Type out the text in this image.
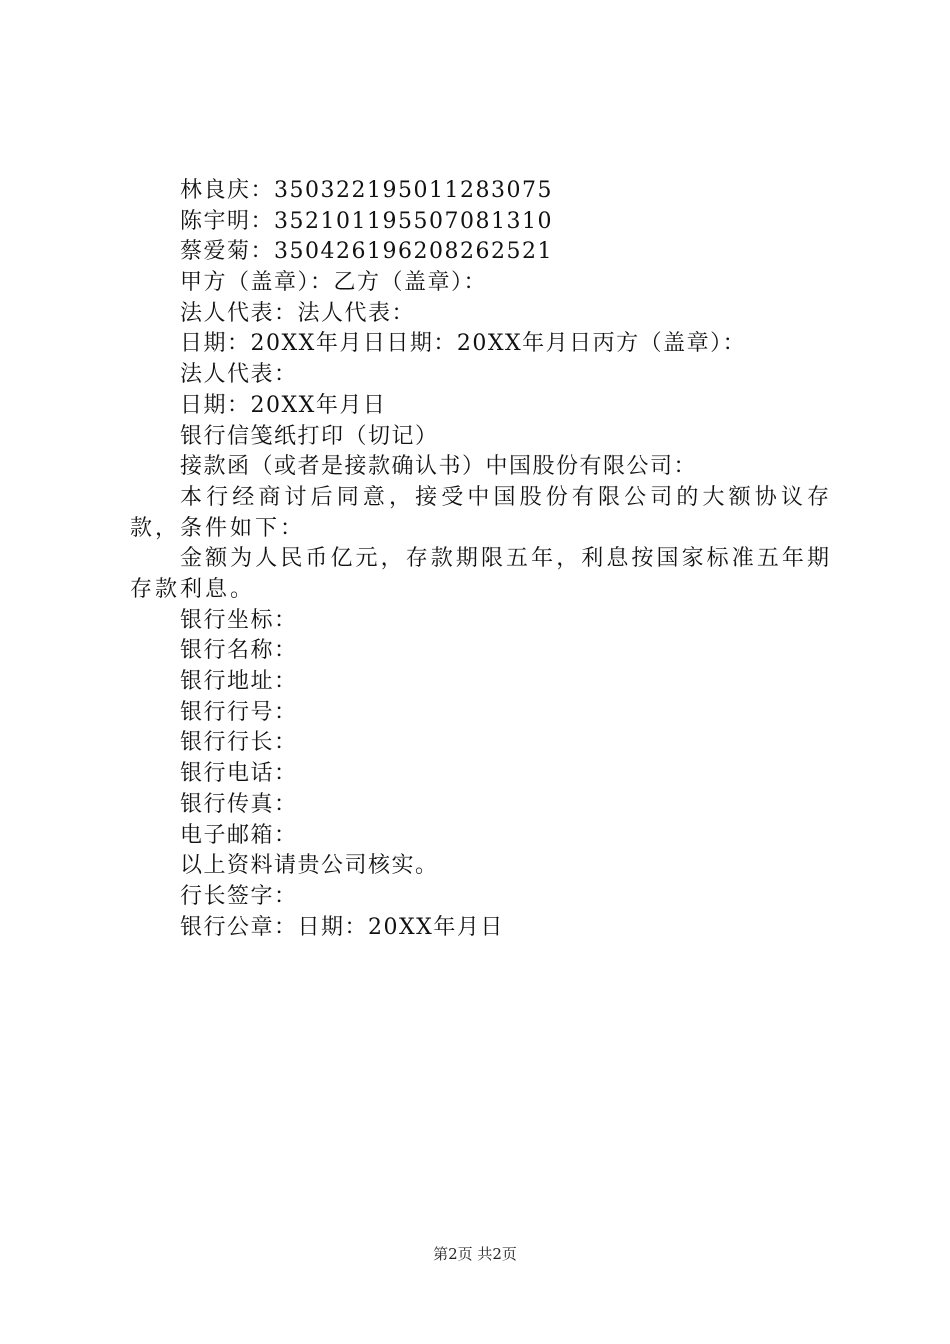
林良庆：350322195011283075
陈宇明：352101195507081310
蔡爱菊：350426196208262521
甲方（盖章）：乙方（盖章）：
法人代表：法人代表：
日期：20XX年月日日期：20XX年月日丙方（盖章）：
法人代表：
日期：20XX年月日
银行信笺纸打印（切记）
接款函（或者是接款确认书）中国股份有限公司：
本行经商讨后同意，接受中国股份有限公司的大额协议存款，条件如下：
金额为人民币亿元，存款期限五年，利息按国家标准五年期存款利息。
银行坐标：
银行名称：
银行地址：
银行行号：
银行行长：
银行电话：
银行传真：
电子邮箱：
以上资料请贵公司核实。
行长签字：
银行公章：日期：20XX年月日
第2页 共2页
